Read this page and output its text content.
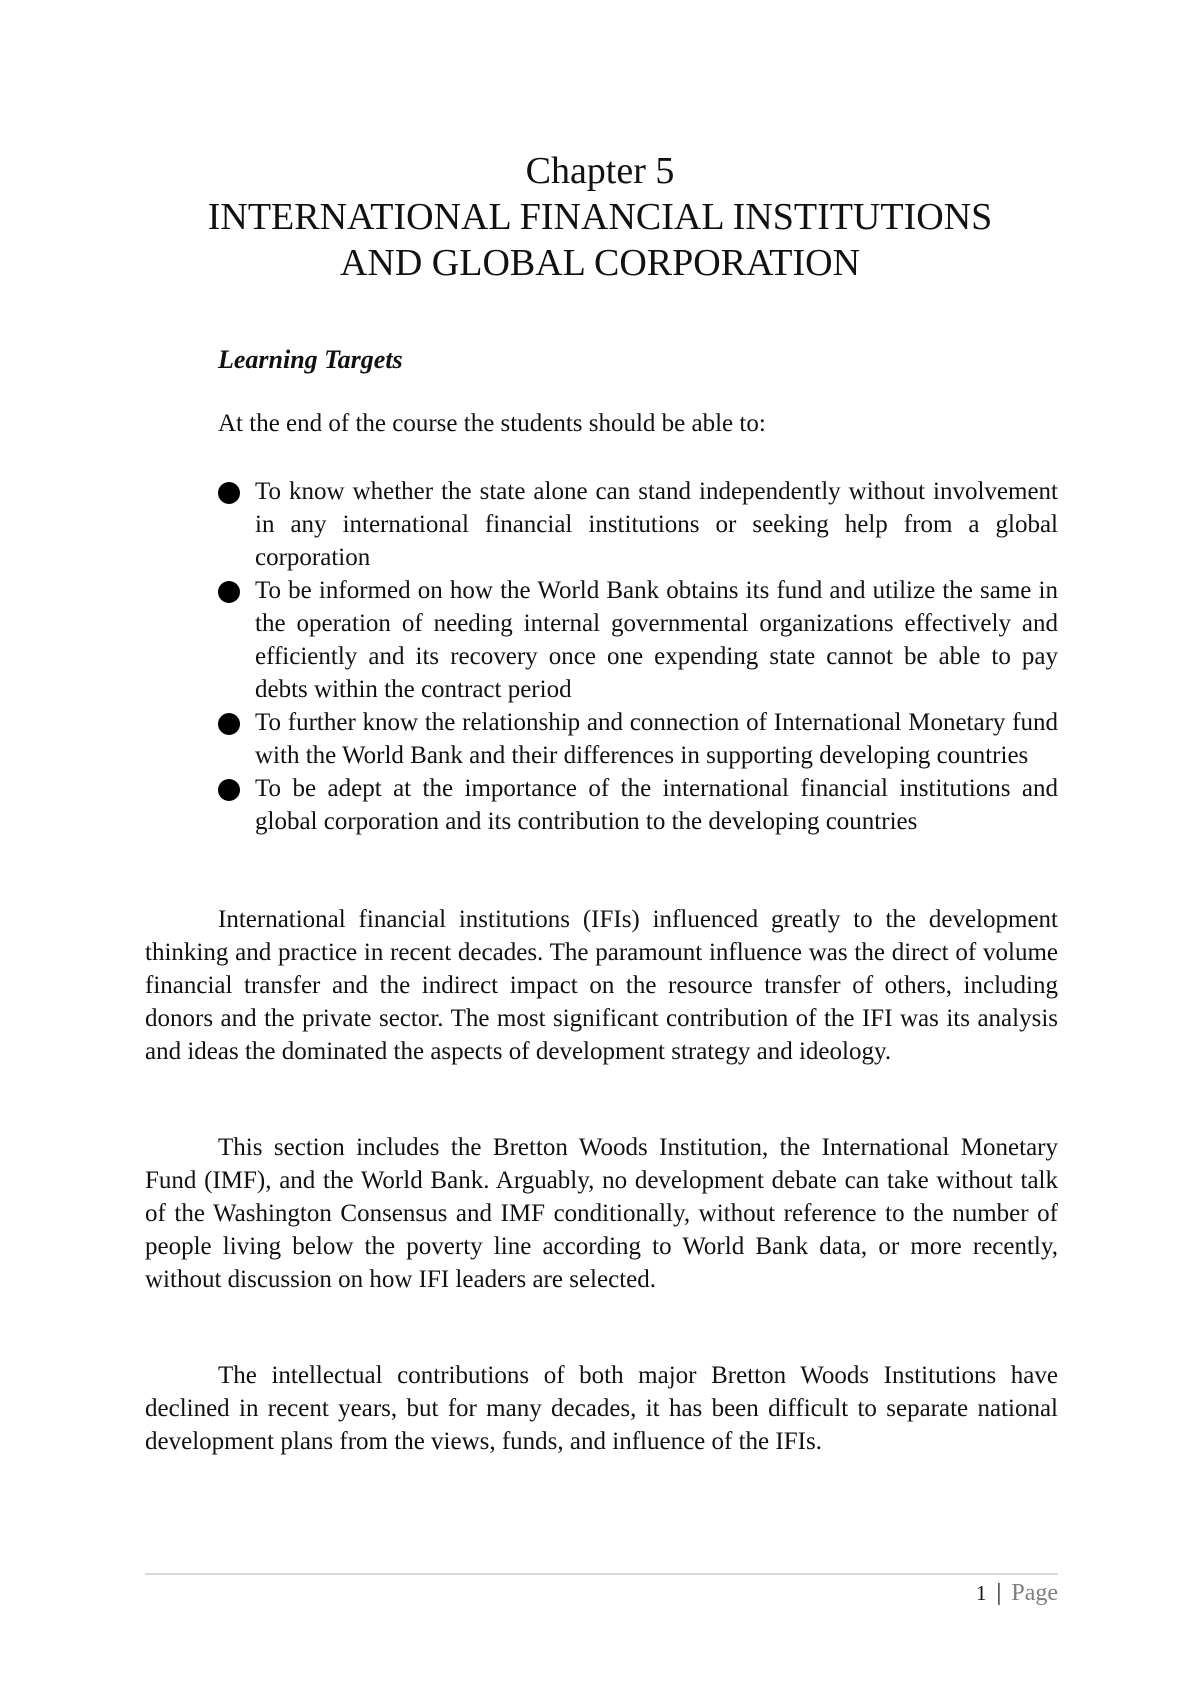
Chapter 5
INTERNATIONAL FINANCIAL INSTITUTIONS
AND GLOBAL CORPORATION
Learning Targets
At the end of the course the students should be able to:
To know whether the state alone can stand independently without involvement in any international financial institutions or seeking help from a global corporation
To be informed on how the World Bank obtains its fund and utilize the same in the operation of needing internal governmental organizations effectively and efficiently and its recovery once one expending state cannot be able to pay debts within the contract period
To further know the relationship and connection of International Monetary fund with the World Bank and their differences in supporting developing countries
To be adept at the importance of the international financial institutions and global corporation and its contribution to the developing countries

International financial institutions (IFIs) influenced greatly to the development thinking and practice in recent decades. The paramount influence was the direct of volume financial transfer and the indirect impact on the resource transfer of others, including donors and the private sector. The most significant contribution of the IFI was its analysis and ideas the dominated the aspects of development strategy and ideology.

This section includes the Bretton Woods Institution, the International Monetary Fund (IMF), and the World Bank. Arguably, no development debate can take without talk of the Washington Consensus and IMF conditionally, without reference to the number of people living below the poverty line according to World Bank data, or more recently, without discussion on how IFI leaders are selected.

The intellectual contributions of both major Bretton Woods Institutions have declined in recent years, but for many decades, it has been difficult to separate national development plans from the views, funds, and influence of the IFIs.

1 | Page
